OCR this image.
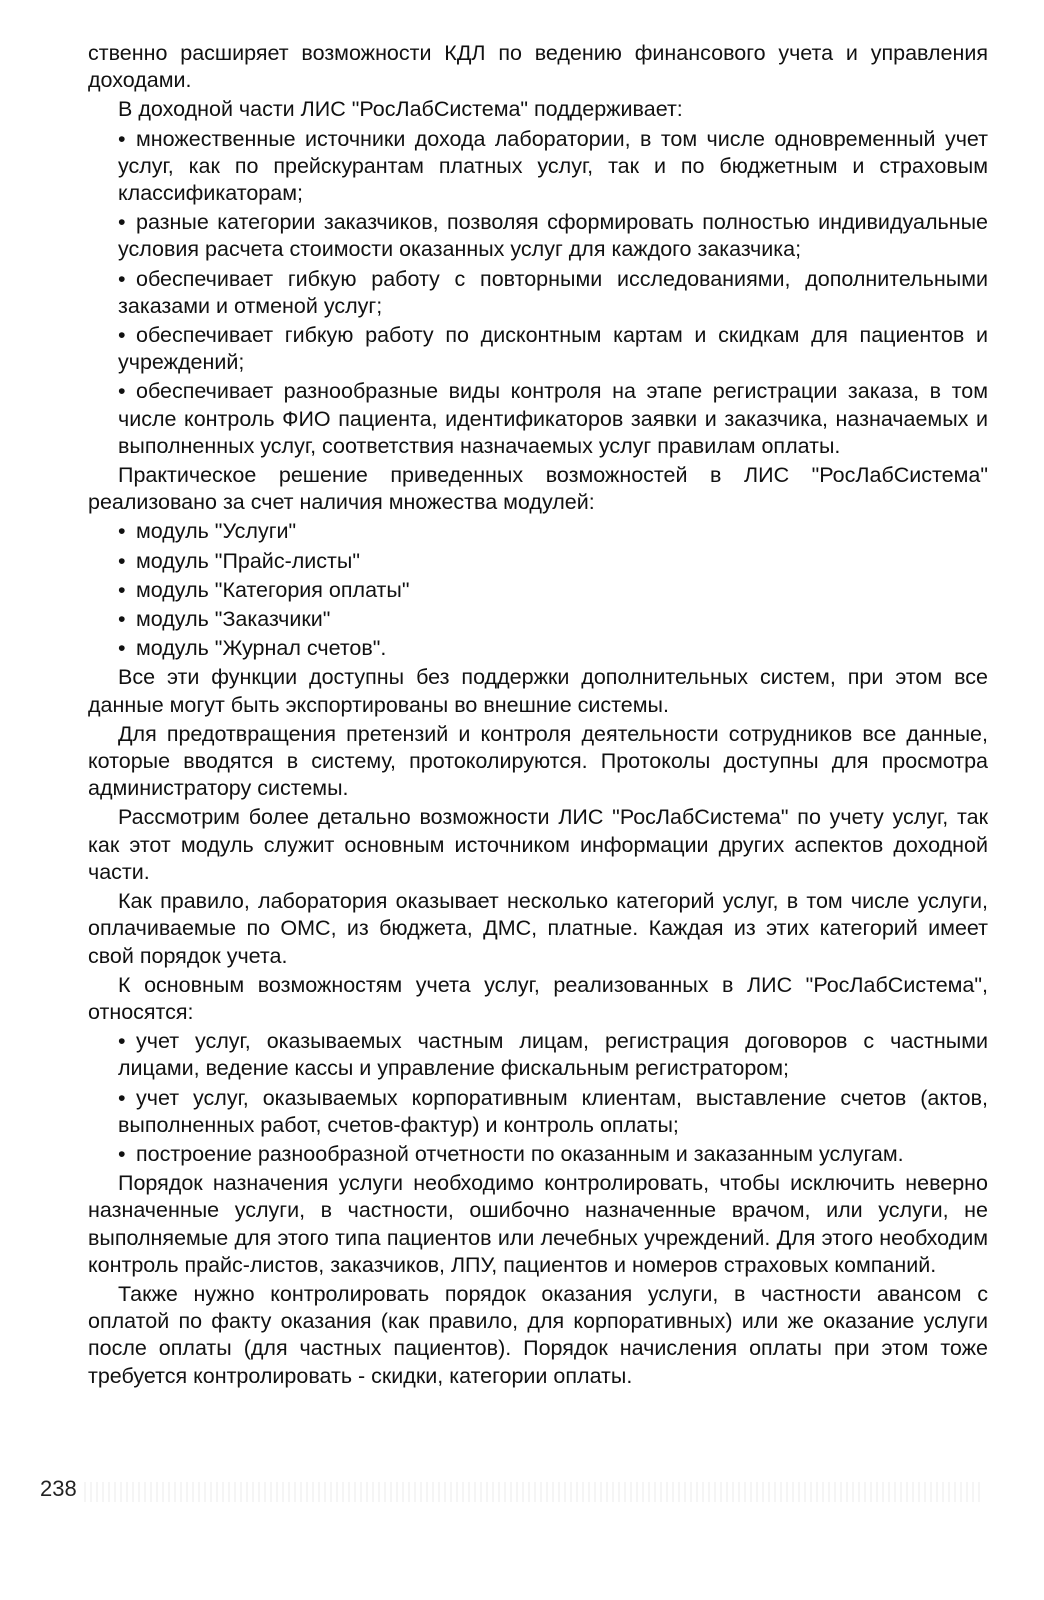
ственно расширяет возможности КДЛ по ведению финансового учета и управления доходами.

В доходной части ЛИС "РосЛабСистема" поддерживает:

• множественные источники дохода лаборатории, в том числе одновременный учет услуг, как по прейскурантам платных услуг, так и по бюджетным и страховым классификаторам;

• разные категории заказчиков, позволяя сформировать полностью индивидуальные условия расчета стоимости оказанных услуг для каждого заказчика;

• обеспечивает гибкую работу с повторными исследованиями, дополнительными заказами и отменой услуг;

• обеспечивает гибкую работу по дисконтным картам и скидкам для пациентов и учреждений;

• обеспечивает разнообразные виды контроля на этапе регистрации заказа, в том числе контроль ФИО пациента, идентификаторов заявки и заказчика, назначаемых и выполненных услуг, соответствия назначаемых услуг правилам оплаты.

Практическое решение приведенных возможностей в ЛИС "РосЛабСистема" реализовано за счет наличия множества модулей:

• модуль "Услуги"

• модуль "Прайс-листы"

• модуль "Категория оплаты"

• модуль "Заказчики"

• модуль "Журнал счетов".

Все эти функции доступны без поддержки дополнительных систем, при этом все данные могут быть экспортированы во внешние системы.

Для предотвращения претензий и контроля деятельности сотрудников все данные, которые вводятся в систему, протоколируются. Протоколы доступны для просмотра администратору системы.

Рассмотрим более детально возможности ЛИС "РосЛабСистема" по учету услуг, так как этот модуль служит основным источником информации других аспектов доходной части.

Как правило, лаборатория оказывает несколько категорий услуг, в том числе услуги, оплачиваемые по ОМС, из бюджета, ДМС, платные. Каждая из этих категорий имеет свой порядок учета.

К основным возможностям учета услуг, реализованных в ЛИС "РосЛабСистема", относятся:

• учет услуг, оказываемых частным лицам, регистрация договоров с частными лицами, ведение кассы и управление фискальным регистратором;

• учет услуг, оказываемых корпоративным клиентам, выставление счетов (актов, выполненных работ, счетов-фактур) и контроль оплаты;

• построение разнообразной отчетности по оказанным и заказанным услугам.

Порядок назначения услуги необходимо контролировать, чтобы исключить неверно назначенные услуги, в частности, ошибочно назначенные врачом, или услуги, не выполняемые для этого типа пациентов или лечебных учреждений. Для этого необходим контроль прайс-листов, заказчиков, ЛПУ, пациентов и номеров страховых компаний.

Также нужно контролировать порядок оказания услуги, в частности авансом с оплатой по факту оказания (как правило, для корпоративных) или же оказание услуги после оплаты (для частных пациентов). Порядок начисления оплаты при этом тоже требуется контролировать - скидки, категории оплаты.

238
